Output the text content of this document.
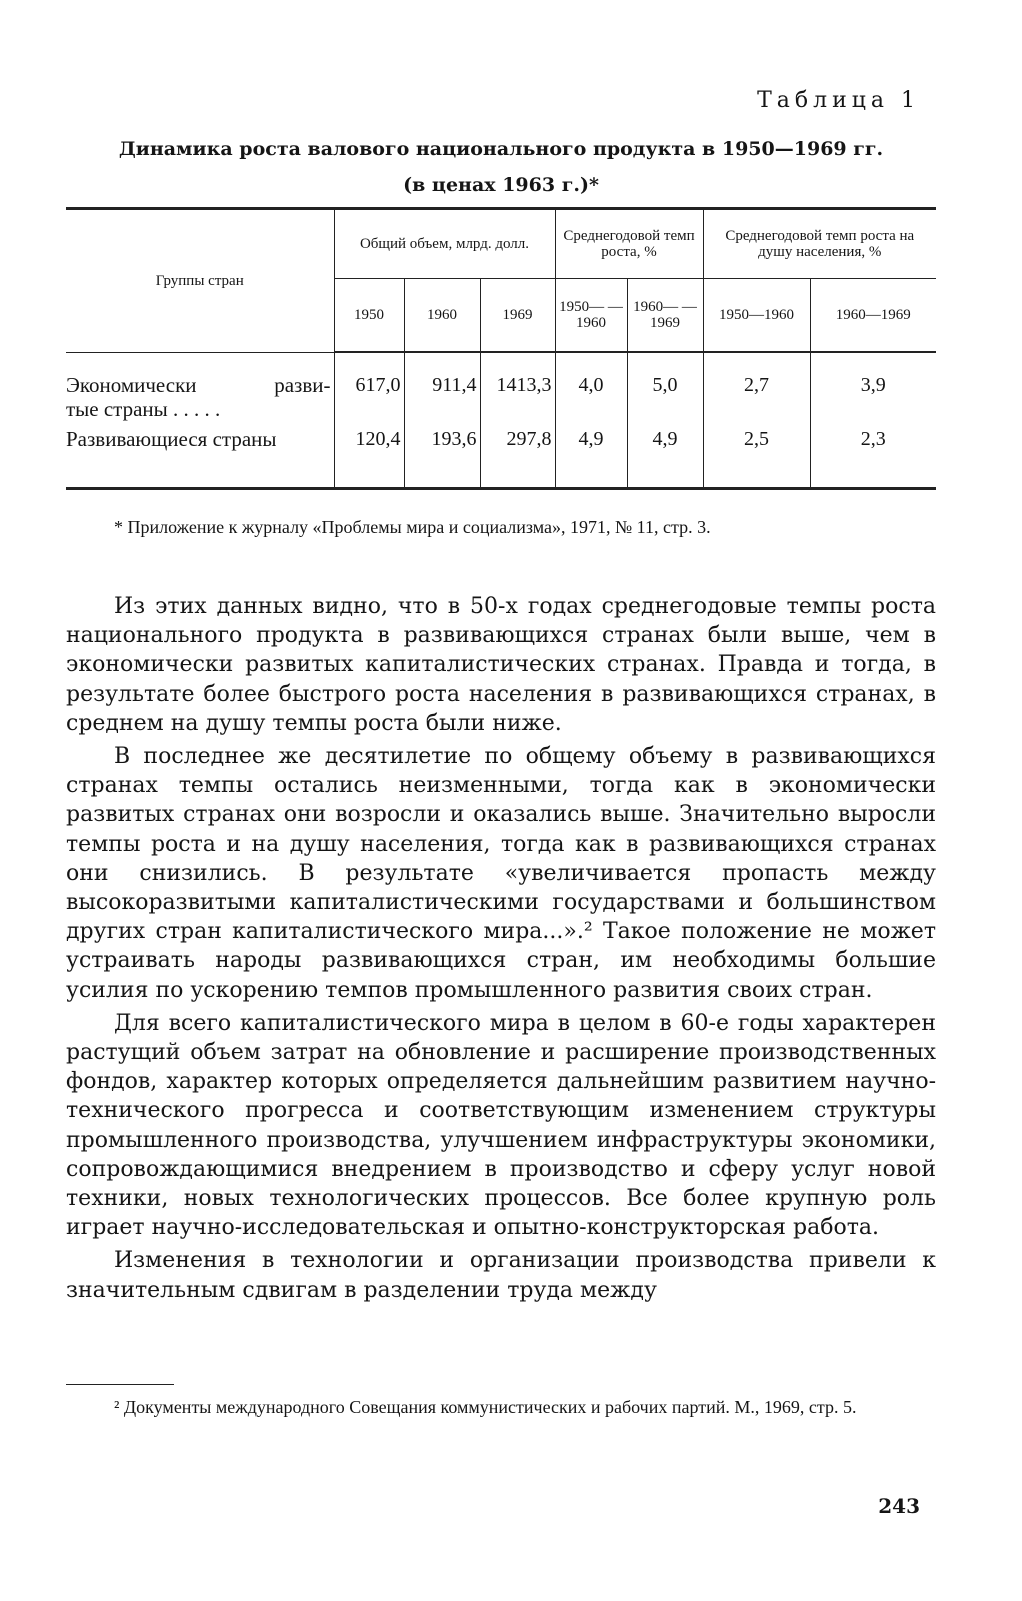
Таблица 1
Динамика роста валового национального продукта в 1950—1969 гг.
(в ценах 1963 г.)*
Группы стран	Общий объем, млрд. долл.			Среднегодовой темп роста, %		Среднегодовой темп роста на душу населения, %	
	1950	1960	1969	1950— —1960	1960— —1969	1950—1960	1960—1969

Экономически разви-
тые страны . . . . .	617,0	911,4	1413,3	4,0	5,0	2,7	3,9

Развивающиеся страны	120,4	193,6	297,8	4,9	4,9	2,5	2,3
* Приложение к журналу «Проблемы мира и социализма», 1971, № 11, стр. 3.

Из этих данных видно, что в 50-х годах среднегодовые темпы роста национального продукта в развивающихся странах были выше, чем в экономически развитых капиталистических странах. Правда и тогда, в результате более быстрого роста населения в развивающихся странах, в среднем на душу темпы роста были ниже.

В последнее же десятилетие по общему объему в развивающихся странах темпы остались неизменными, тогда как в экономически развитых странах они возросли и оказались выше. Значительно выросли темпы роста и на душу населения, тогда как в развивающихся странах они снизились. В результате «увеличивается пропасть между высокоразвитыми капиталистическими государствами и большинством других стран капиталистического мира...».² Такое положение не может устраивать народы развивающихся стран, им необходимы большие усилия по ускорению темпов промышленного развития своих стран.

Для всего капиталистического мира в целом в 60-е годы характерен растущий объем затрат на обновление и расширение производственных фондов, характер которых определяется дальнейшим развитием научно-технического прогресса и соответствующим изменением структуры промышленного производства, улучшением инфраструктуры экономики, сопровождающимися внедрением в производство и сферу услуг новой техники, новых технологических процессов. Все более крупную роль играет научно-исследовательская и опытно-конструкторская работа.

Изменения в технологии и организации производства привели к значительным сдвигам в разделении труда между

² Документы международного Совещания коммунистических и рабочих партий. М., 1969, стр. 5.
243
